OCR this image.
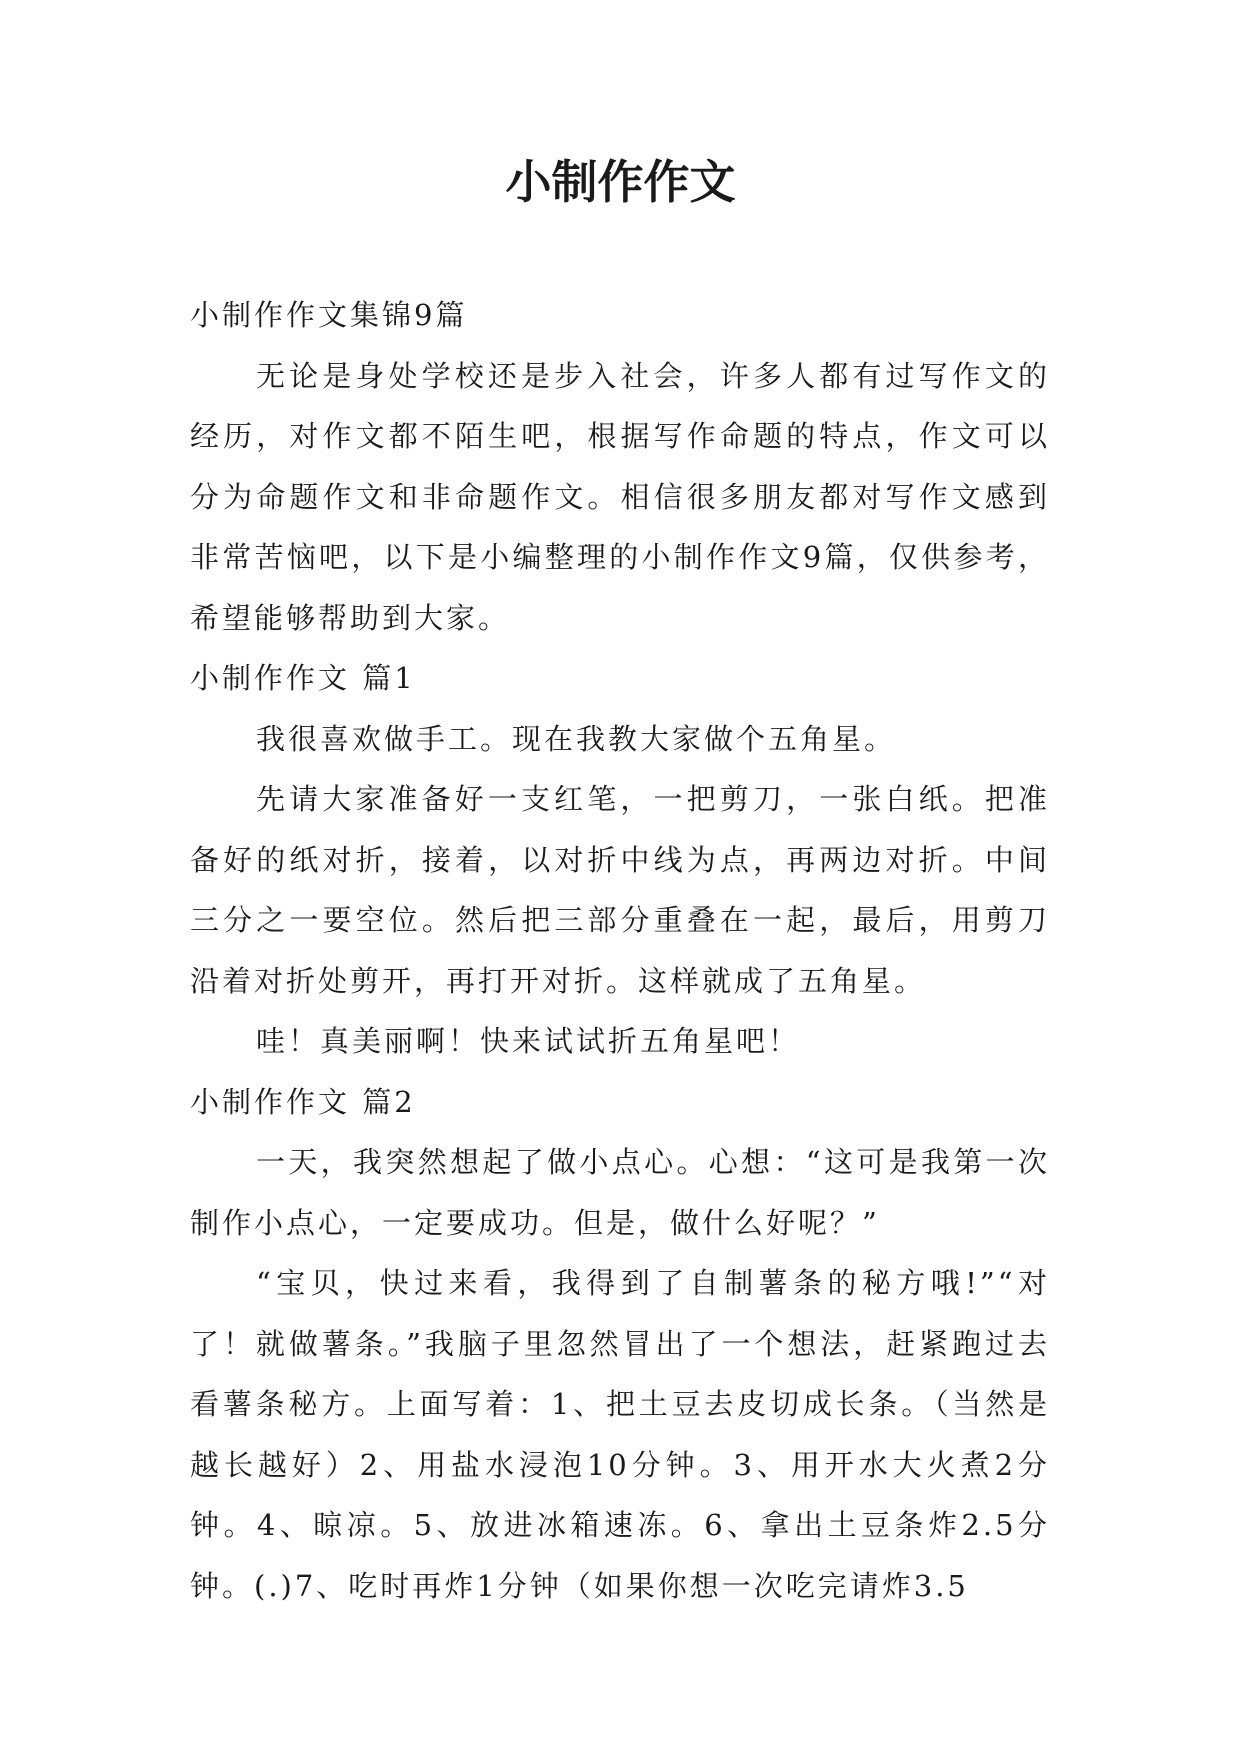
小制作作文

小制作作文集锦9篇

无论是身处学校还是步入社会，许多人都有过写作文的经历，对作文都不陌生吧，根据写作命题的特点，作文可以分为命题作文和非命题作文。相信很多朋友都对写作文感到非常苦恼吧，以下是小编整理的小制作作文9篇，仅供参考，希望能够帮助到大家。

小制作作文 篇1

我很喜欢做手工。现在我教大家做个五角星。

先请大家准备好一支红笔，一把剪刀，一张白纸。把准备好的纸对折，接着，以对折中线为点，再两边对折。中间三分之一要空位。然后把三部分重叠在一起，最后，用剪刀沿着对折处剪开，再打开对折。这样就成了五角星。

哇！真美丽啊！快来试试折五角星吧！

小制作作文 篇2

一天，我突然想起了做小点心。心想：“这可是我第一次制作小点心，一定要成功。但是，做什么好呢？”

“宝贝，快过来看，我得到了自制薯条的秘方哦!”“对了！就做薯条。”我脑子里忽然冒出了一个想法，赶紧跑过去看薯条秘方。上面写着：1、把土豆去皮切成长条。（当然是越长越好）2、用盐水浸泡10分钟。3、用开水大火煮2分钟。4、晾凉。5、放进冰箱速冻。6、拿出土豆条炸2.5分钟。(.)7、吃时再炸1分钟（如果你想一次吃完请炸3.5
